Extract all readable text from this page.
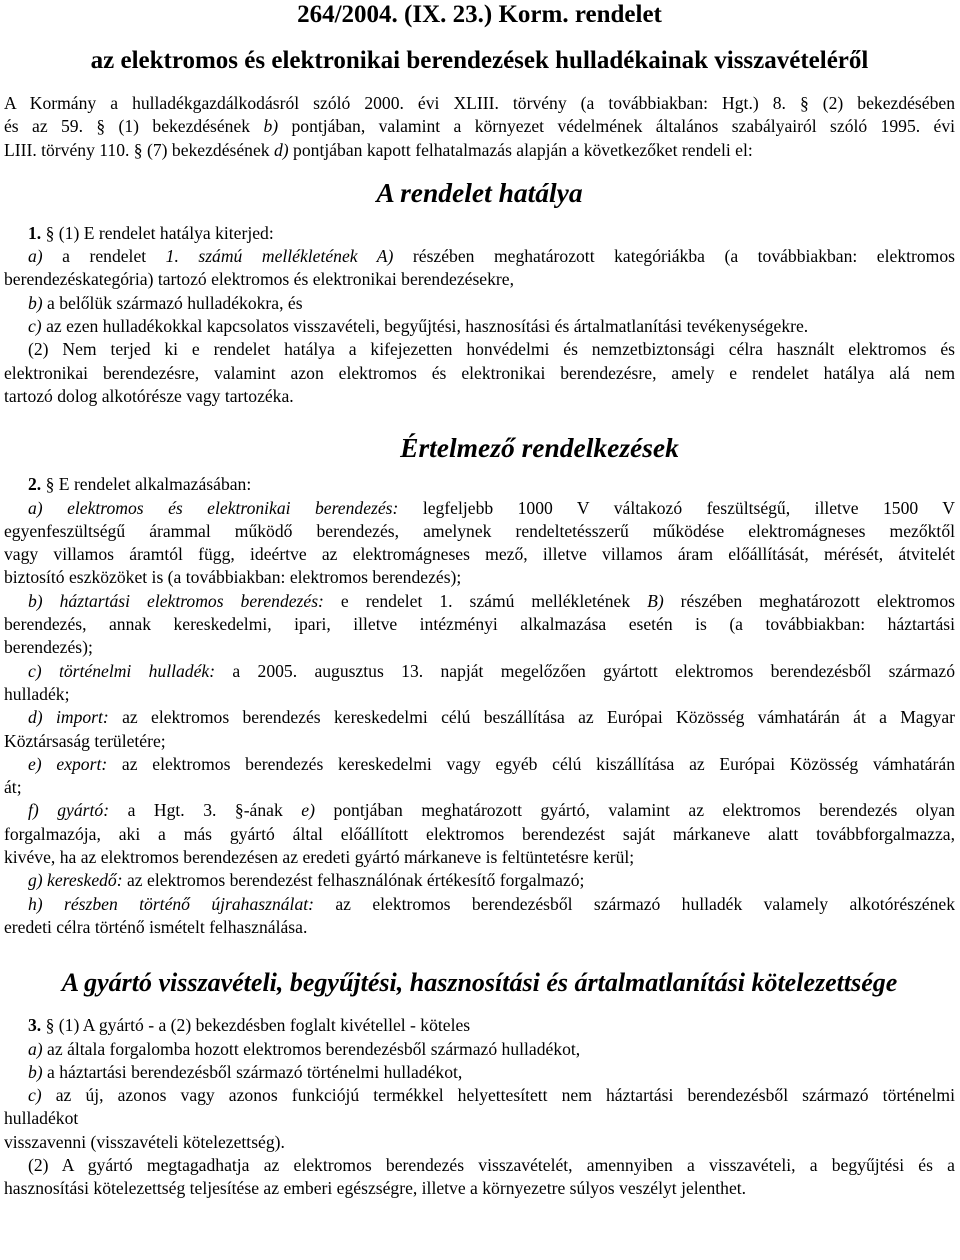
264/2004. (IX. 23.) Korm. rendelet
az elektromos és elektronikai berendezések hulladékainak visszavételéről

A Kormány a hulladékgazdálkodásról szóló 2000. évi XLIII. törvény (a továbbiakban: Hgt.) 8. § (2) bekezdésében

és az 59. § (1) bekezdésének b) pontjában, valamint a környezet védelmének általános szabályairól szóló 1995. évi

LIII. törvény 110. § (7) bekezdésének d) pontjában kapott felhatalmazás alapján a következőket rendeli el:

A rendelet hatálya

1. § (1) E rendelet hatálya kiterjed:

a) a rendelet 1. számú mellékletének A) részében meghatározott kategóriákba (a továbbiakban: elektromos

berendezéskategória) tartozó elektromos és elektronikai berendezésekre,

b) a belőlük származó hulladékokra, és

c) az ezen hulladékokkal kapcsolatos visszavételi, begyűjtési, hasznosítási és ártalmatlanítási tevékenységekre.

(2) Nem terjed ki e rendelet hatálya a kifejezetten honvédelmi és nemzetbiztonsági célra használt elektromos és

elektronikai berendezésre, valamint azon elektromos és elektronikai berendezésre, amely e rendelet hatálya alá nem

tartozó dolog alkotórésze vagy tartozéka.

Értelmező rendelkezések

2. § E rendelet alkalmazásában:

a) elektromos és elektronikai berendezés: legfeljebb 1000 V váltakozó feszültségű, illetve 1500 V

egyenfeszültségű árammal működő berendezés, amelynek rendeltetésszerű működése elektromágneses mezőktől

vagy villamos áramtól függ, ideértve az elektromágneses mező, illetve villamos áram előállítását, mérését, átvitelét

biztosító eszközöket is (a továbbiakban: elektromos berendezés);

b) háztartási elektromos berendezés: e rendelet 1. számú mellékletének B) részében meghatározott elektromos

berendezés, annak kereskedelmi, ipari, illetve intézményi alkalmazása esetén is (a továbbiakban: háztartási

berendezés);

c) történelmi hulladék: a 2005. augusztus 13. napját megelőzően gyártott elektromos berendezésből származó

hulladék;

d) import: az elektromos berendezés kereskedelmi célú beszállítása az Európai Közösség vámhatárán át a Magyar

Köztársaság területére;

e) export: az elektromos berendezés kereskedelmi vagy egyéb célú kiszállítása az Európai Közösség vámhatárán

át;

f) gyártó: a Hgt. 3. §-ának e) pontjában meghatározott gyártó, valamint az elektromos berendezés olyan

forgalmazója, aki a más gyártó által előállított elektromos berendezést saját márkaneve alatt továbbforgalmazza,

kivéve, ha az elektromos berendezésen az eredeti gyártó márkaneve is feltüntetésre kerül;

g) kereskedő: az elektromos berendezést felhasználónak értékesítő forgalmazó;

h) részben történő újrahasználat: az elektromos berendezésből származó hulladék valamely alkotórészének

eredeti célra történő ismételt felhasználása.

A gyártó visszavételi, begyűjtési, hasznosítási és ártalmatlanítási kötelezettsége

3. § (1) A gyártó - a (2) bekezdésben foglalt kivétellel - köteles

a) az általa forgalomba hozott elektromos berendezésből származó hulladékot,

b) a háztartási berendezésből származó történelmi hulladékot,

c) az új, azonos vagy azonos funkciójú termékkel helyettesített nem háztartási berendezésből származó történelmi

hulladékot

visszavenni (visszavételi kötelezettség).

(2) A gyártó megtagadhatja az elektromos berendezés visszavételét, amennyiben a visszavételi, a begyűjtési és a

hasznosítási kötelezettség teljesítése az emberi egészségre, illetve a környezetre súlyos veszélyt jelenthet.
